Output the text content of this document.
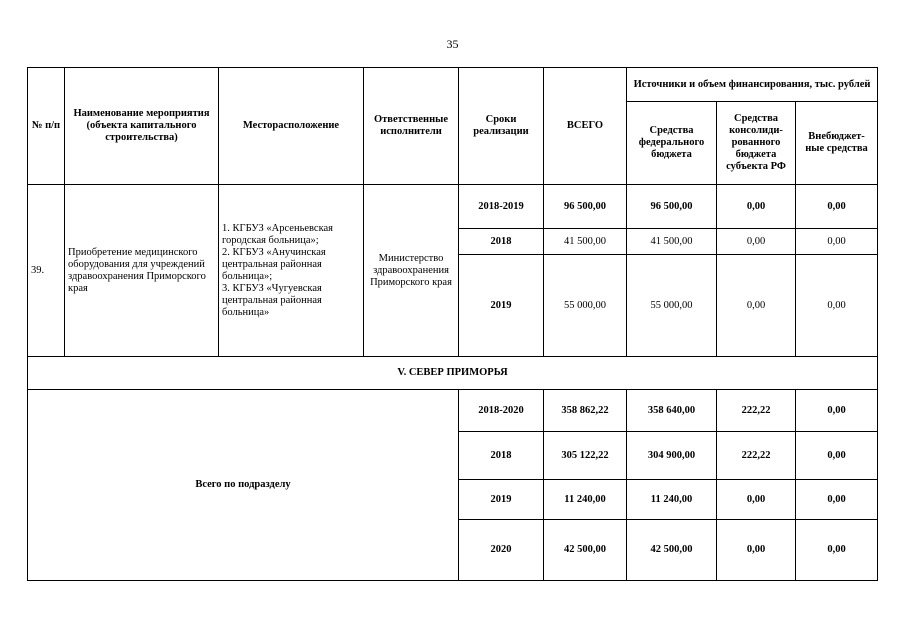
35
№ п/п	Наименование мероприятия (объекта капитального строительства)	Месторасположение	Ответственные исполнители	Сроки реализации	ВСЕГО	Источники и объем финансирования, тыс. рублей		
						Средства федерального бюджета	Средства консолиди-рованного бюджета субъекта РФ	Внебюджет-ные средства
39.	Приобретение медицинского оборудования для учреждений здравоохранения Приморского края	1. КГБУЗ «Арсеньевская городская больница»;
2. КГБУЗ «Анучинская центральная районная больница»;
3. КГБУЗ «Чугуевская центральная районная больница»	Министерство здравоохранения Приморского края	2018-2019	96 500,00	96 500,00	0,00	0,00
				2018	41 500,00	41 500,00	0,00	0,00
				2019	55 000,00	55 000,00	0,00	0,00
V. СЕВЕР ПРИМОРЬЯ								
Всего по подразделу				2018-2020	358 862,22	358 640,00	222,22	0,00
				2018	305 122,22	304 900,00	222,22	0,00
				2019	11 240,00	11 240,00	0,00	0,00
				2020	42 500,00	42 500,00	0,00	0,00
